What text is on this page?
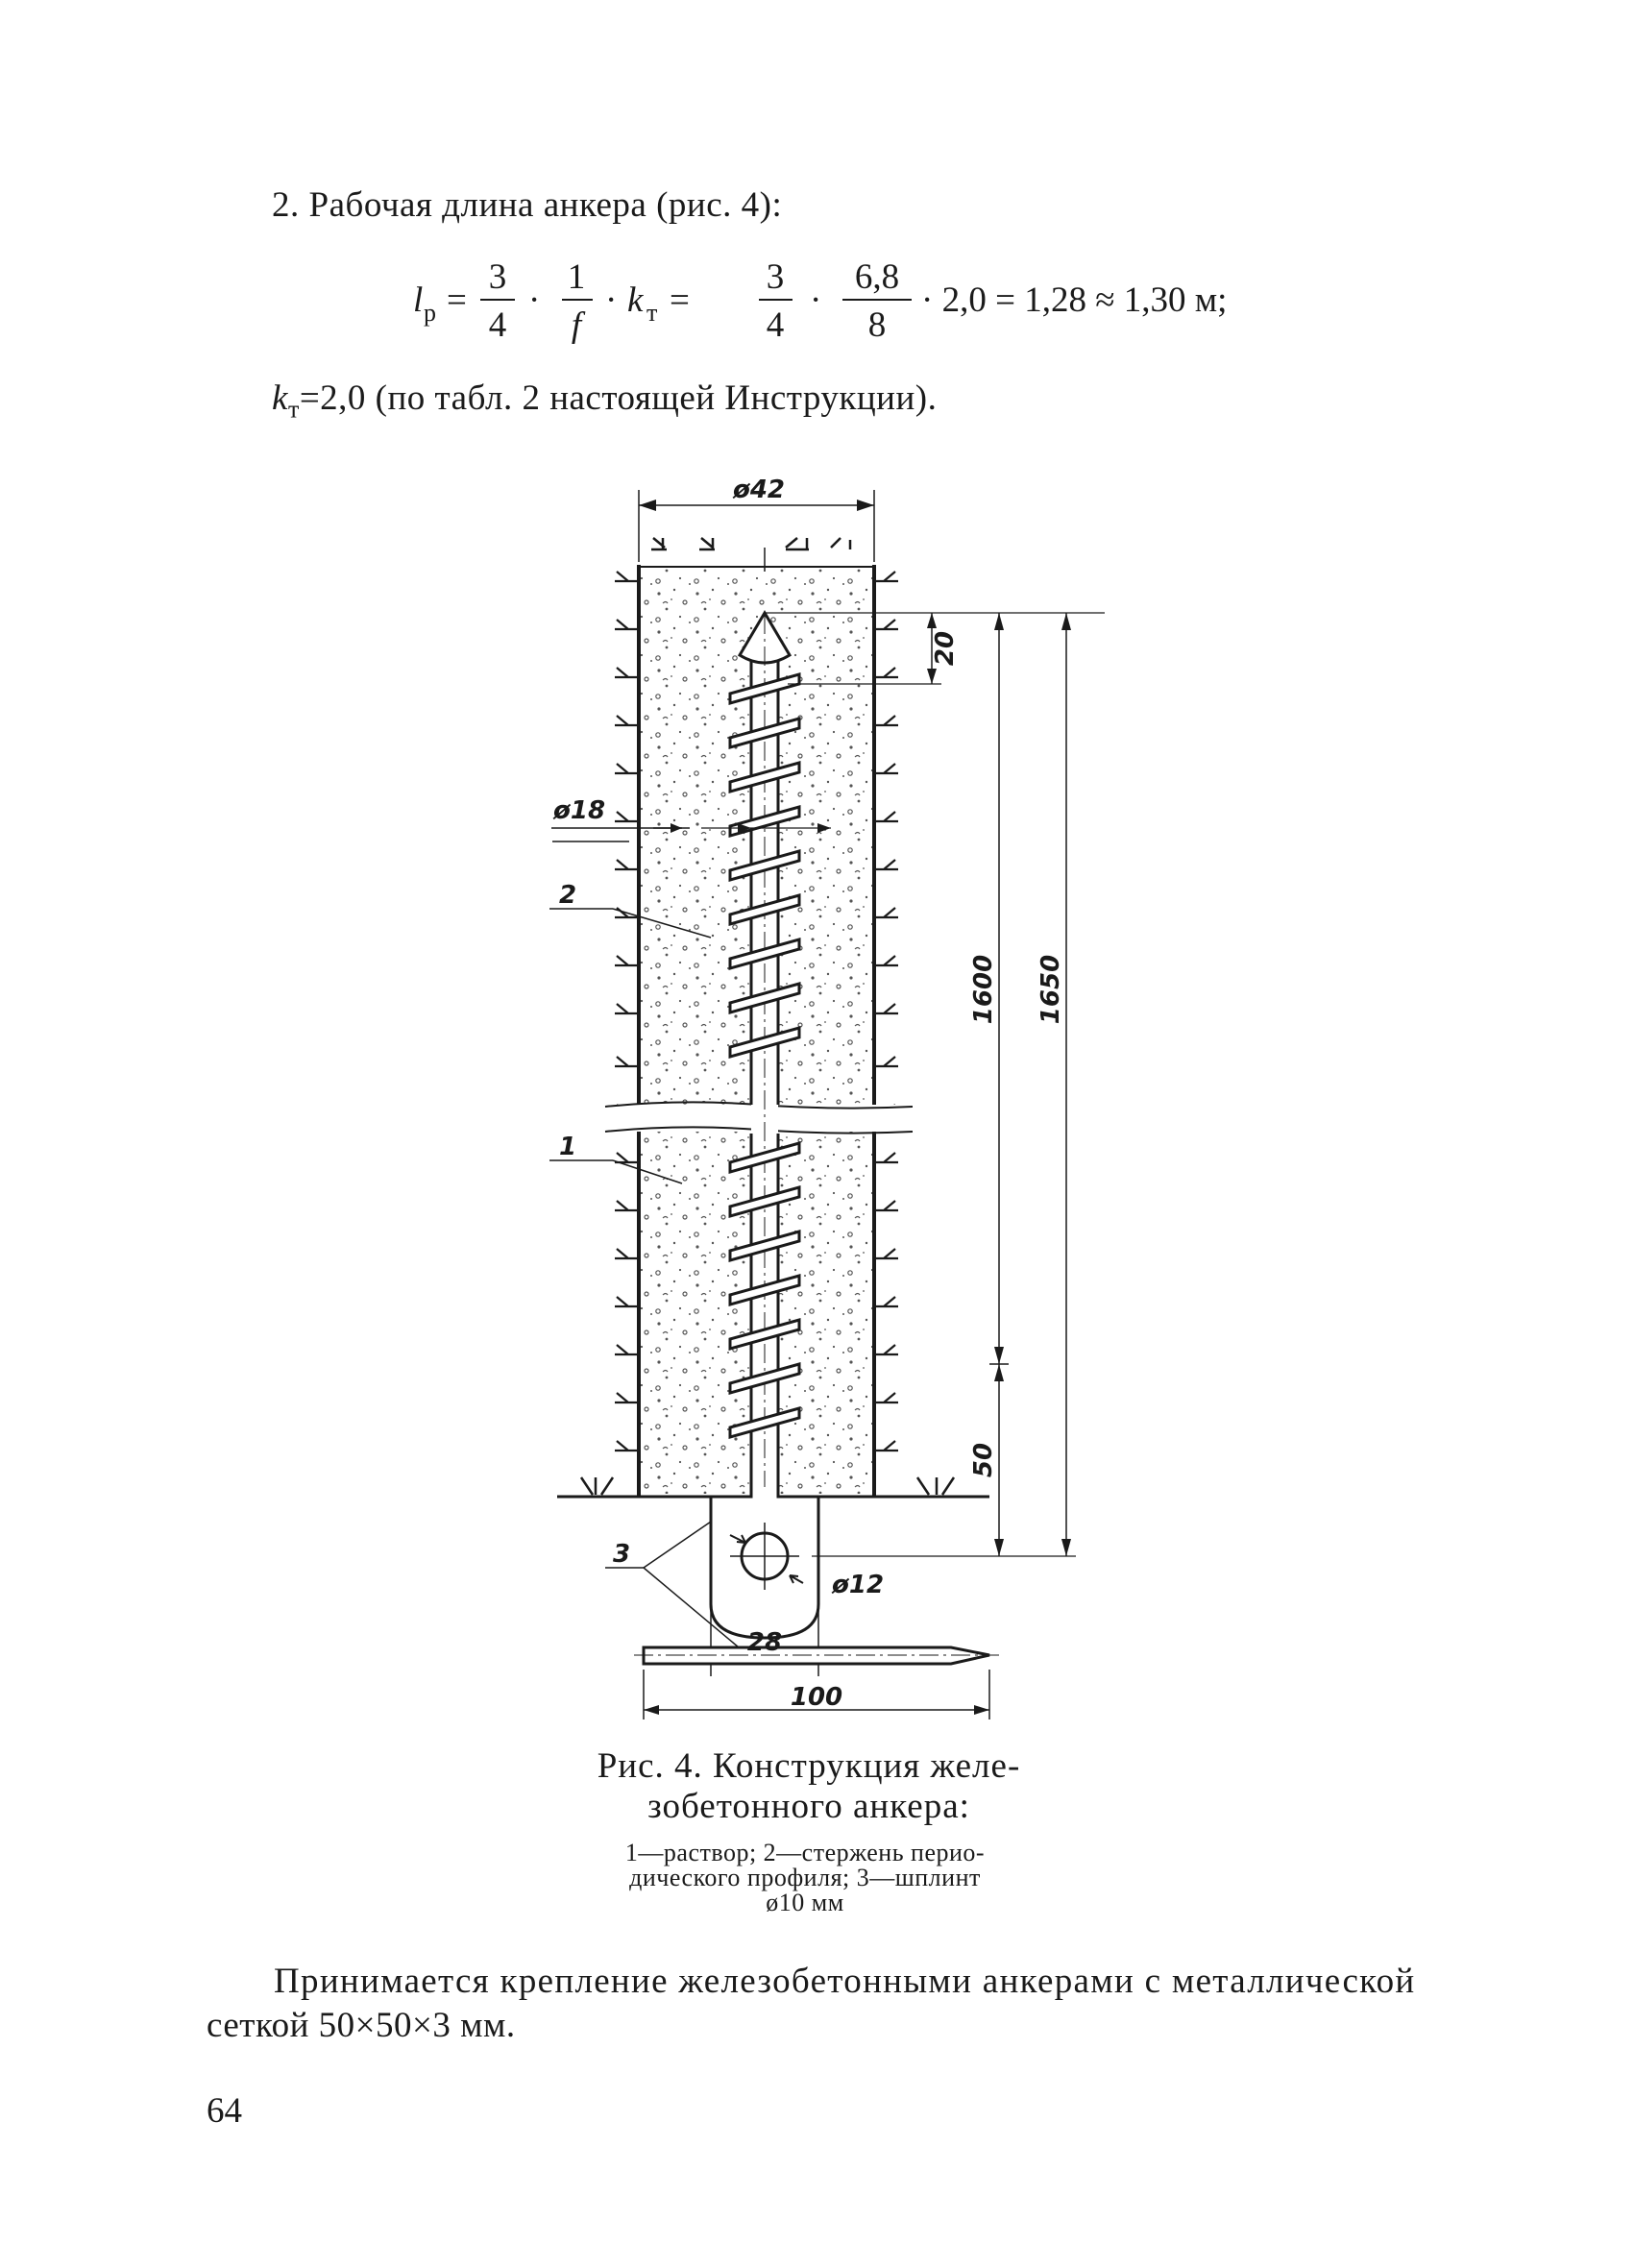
2. Рабочая длина анкера (рис. 4):
l р =
3
4
·
1
f
· k т =
3
4
·
6,8
8
· 2,0 = 1,28 ≈ 1,30 м;
$k_т=2,0$ (по табл. 2 настоящей Инструкции).
ø42
20
ø18
1600 1650
50
ø12
28
100
2
1
3
Рис. 4. Конструкция желе-
зобетонного анкера:
1—раствор; 2—стержень перио-
дического профиля; 3—шплинт
ø10 мм
Принимается крепление железобетонными анкерами с металлической
сеткой 50×50×3 мм.
64
